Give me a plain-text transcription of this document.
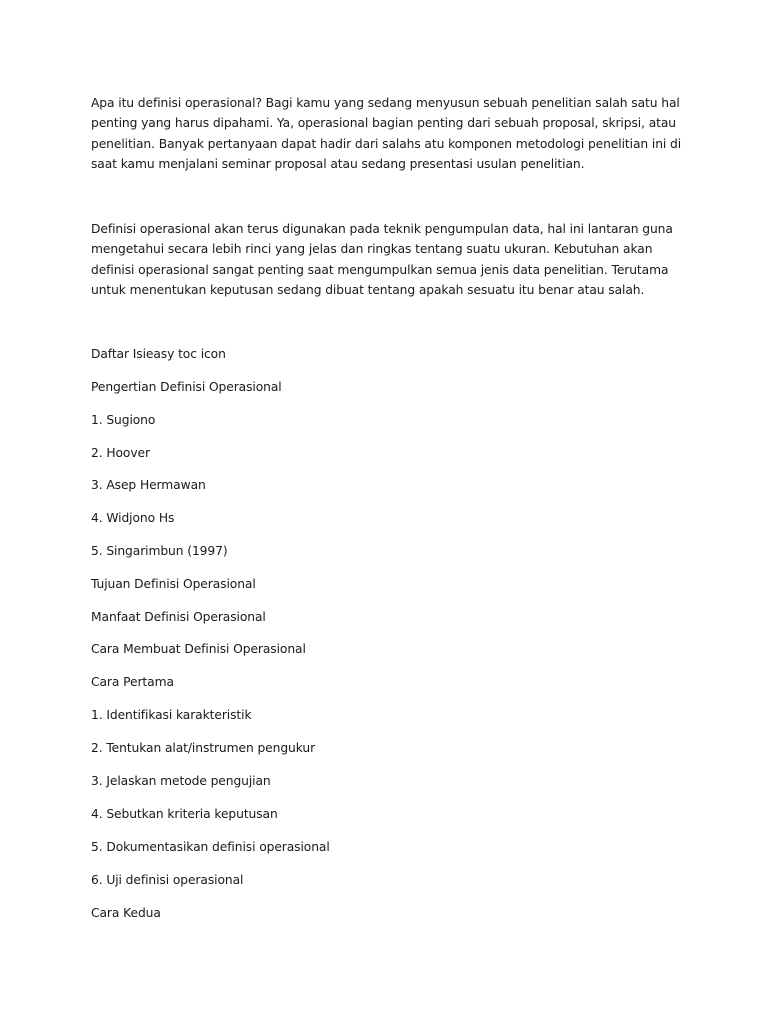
Apa itu definisi operasional? Bagi kamu yang sedang menyusun sebuah penelitian salah satu hal penting yang harus dipahami. Ya, operasional bagian penting dari sebuah proposal, skripsi, atau penelitian. Banyak pertanyaan dapat hadir dari salahs atu komponen metodologi penelitian ini di saat kamu menjalani seminar proposal atau sedang presentasi usulan penelitian.

Definisi operasional akan terus digunakan pada teknik pengumpulan data, hal ini lantaran guna mengetahui secara lebih rinci yang jelas dan ringkas tentang suatu ukuran. Kebutuhan akan definisi operasional sangat penting saat mengumpulkan semua jenis data penelitian. Terutama untuk menentukan keputusan sedang dibuat tentang apakah sesuatu itu benar atau salah.

Daftar Isieasy toc icon

Pengertian Definisi Operasional

1. Sugiono

2. Hoover

3. Asep Hermawan

4. Widjono Hs

5. Singarimbun (1997)

Tujuan Definisi Operasional

Manfaat Definisi Operasional

Cara Membuat Definisi Operasional

Cara Pertama

1. Identifikasi karakteristik

2. Tentukan alat/instrumen pengukur

3. Jelaskan metode pengujian

4. Sebutkan kriteria keputusan

5. Dokumentasikan definisi operasional

6. Uji definisi operasional

Cara Kedua
